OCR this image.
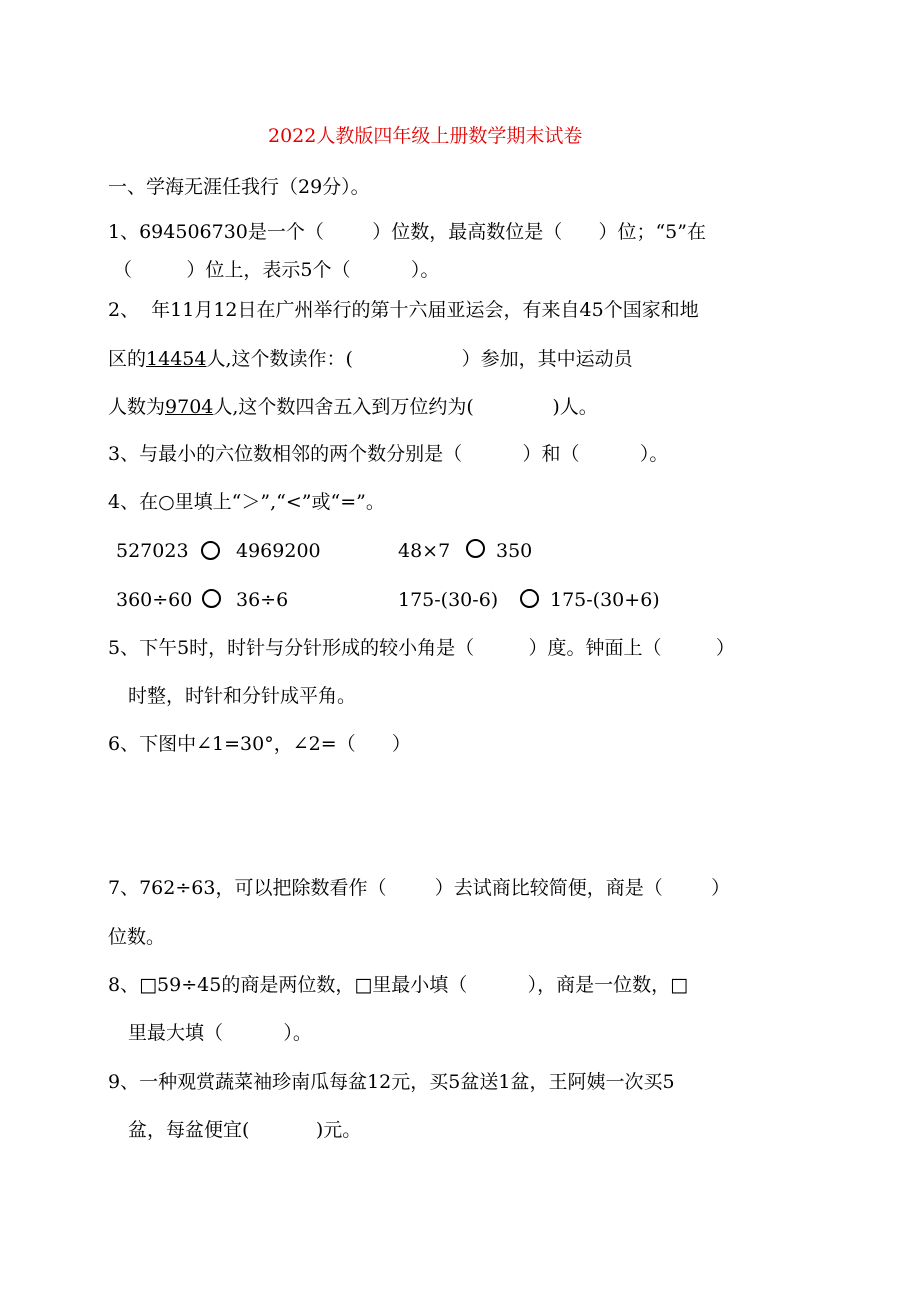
2022人教版四年级上册数学期末试卷
一、学海无涯任我行（29分）。
1、694506730是一个（        ）位数，最高数位是（      ）位；“5”在
（         ）位上，表示5个（          ）。
2、  年11月12日在广州举行的第十六届亚运会，有来自45个国家和地
区的14454人,这个数读作：(                  ）参加，其中运动员
人数为9704人,这个数四舍五入到万位约为(             )人。
3、与最小的六位数相邻的两个数分别是（          ）和（          ）。
4、在○里填上“＞”,“<”或“=”。
527023 4969200	48×7 350
360÷60 36÷6	175-(30-6)	175-(30+6)
5、下午5时，时针与分针形成的较小角是（         ）度。钟面上（         ）
时整，时针和分针成平角。
6、下图中∠1=30°，∠2=（      ）
7、762÷63，可以把除数看作（        ）去试商比较简便，商是（        ）
位数。
8、□59÷45的商是两位数，□里最小填（          ），商是一位数，□
里最大填（          ）。
9、一种观赏蔬菜袖珍南瓜每盆12元，买5盆送1盆，王阿姨一次买5
盆，每盆便宜(           )元。
